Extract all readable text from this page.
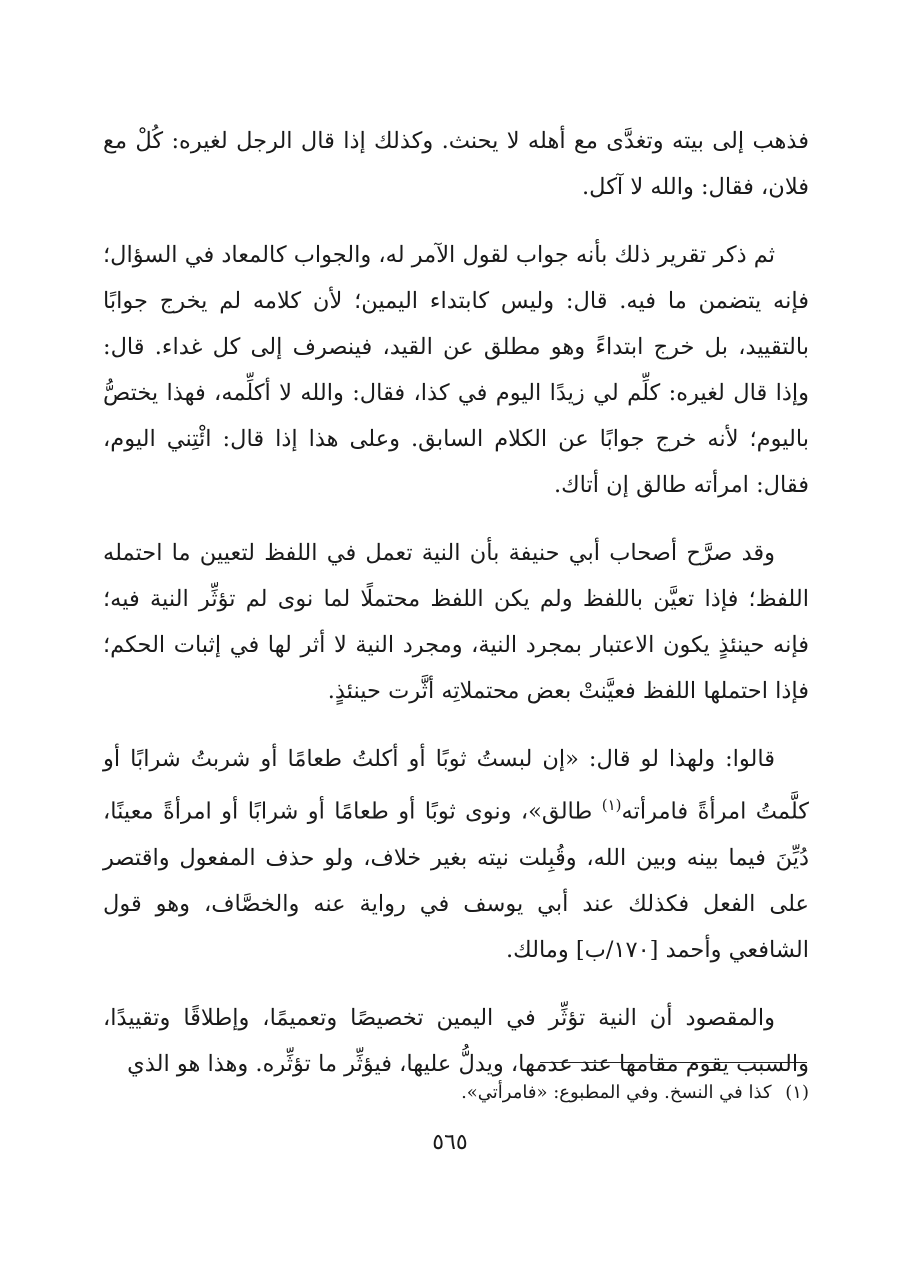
فذهب إلى بيته وتغدَّى مع أهله لا يحنث. وكذلك إذا قال الرجل لغيره: كُلْ مع فلان، فقال: والله لا آكل.

ثم ذكر تقرير ذلك بأنه جواب لقول الآمر له، والجواب كالمعاد في السؤال؛ فإنه يتضمن ما فيه. قال: وليس كابتداء اليمين؛ لأن كلامه لم يخرج جوابًا بالتقييد، بل خرج ابتداءً وهو مطلق عن القيد، فينصرف إلى كل غداء. قال: وإذا قال لغيره: كلِّم لي زيدًا اليوم في كذا، فقال: والله لا أكلِّمه، فهذا يختصُّ باليوم؛ لأنه خرج جوابًا عن الكلام السابق. وعلى هذا إذا قال: ائْتِني اليوم، فقال: امرأته طالق إن أتاك.

وقد صرَّح أصحاب أبي حنيفة بأن النية تعمل في اللفظ لتعيين ما احتمله اللفظ؛ فإذا تعيَّن باللفظ ولم يكن اللفظ محتملًا لما نوى لم تؤثِّر النية فيه؛ فإنه حينئذٍ يكون الاعتبار بمجرد النية، ومجرد النية لا أثر لها في إثبات الحكم؛ فإذا احتملها اللفظ فعيَّنتْ بعض محتملاتِه أثَّرت حينئذٍ.

قالوا: ولهذا لو قال: «إن لبستُ ثوبًا أو أكلتُ طعامًا أو شربتُ شرابًا أو كلَّمتُ امرأةً فامرأته$^{(١)}$ طالق»، ونوى ثوبًا أو طعامًا أو شرابًا أو امرأةً معينًا، دُيِّنَ فيما بينه وبين الله، وقُبِلت نيته بغير خلاف، ولو حذف المفعول واقتصر على الفعل فكذلك عند أبي يوسف في رواية عنه والخصَّاف، وهو قول الشافعي وأحمد [١٧٠/ب] ومالك.

والمقصود أن النية تؤثِّر في اليمين تخصيصًا وتعميمًا، وإطلاقًا وتقييدًا، والسبب يقوم مقامها عند عدمها، ويدلُّ عليها، فيؤثِّر ما تؤثِّره. وهذا هو الذي

(١) كذا في النسخ. وفي المطبوع: «فامرأتي».
٥٦٥
